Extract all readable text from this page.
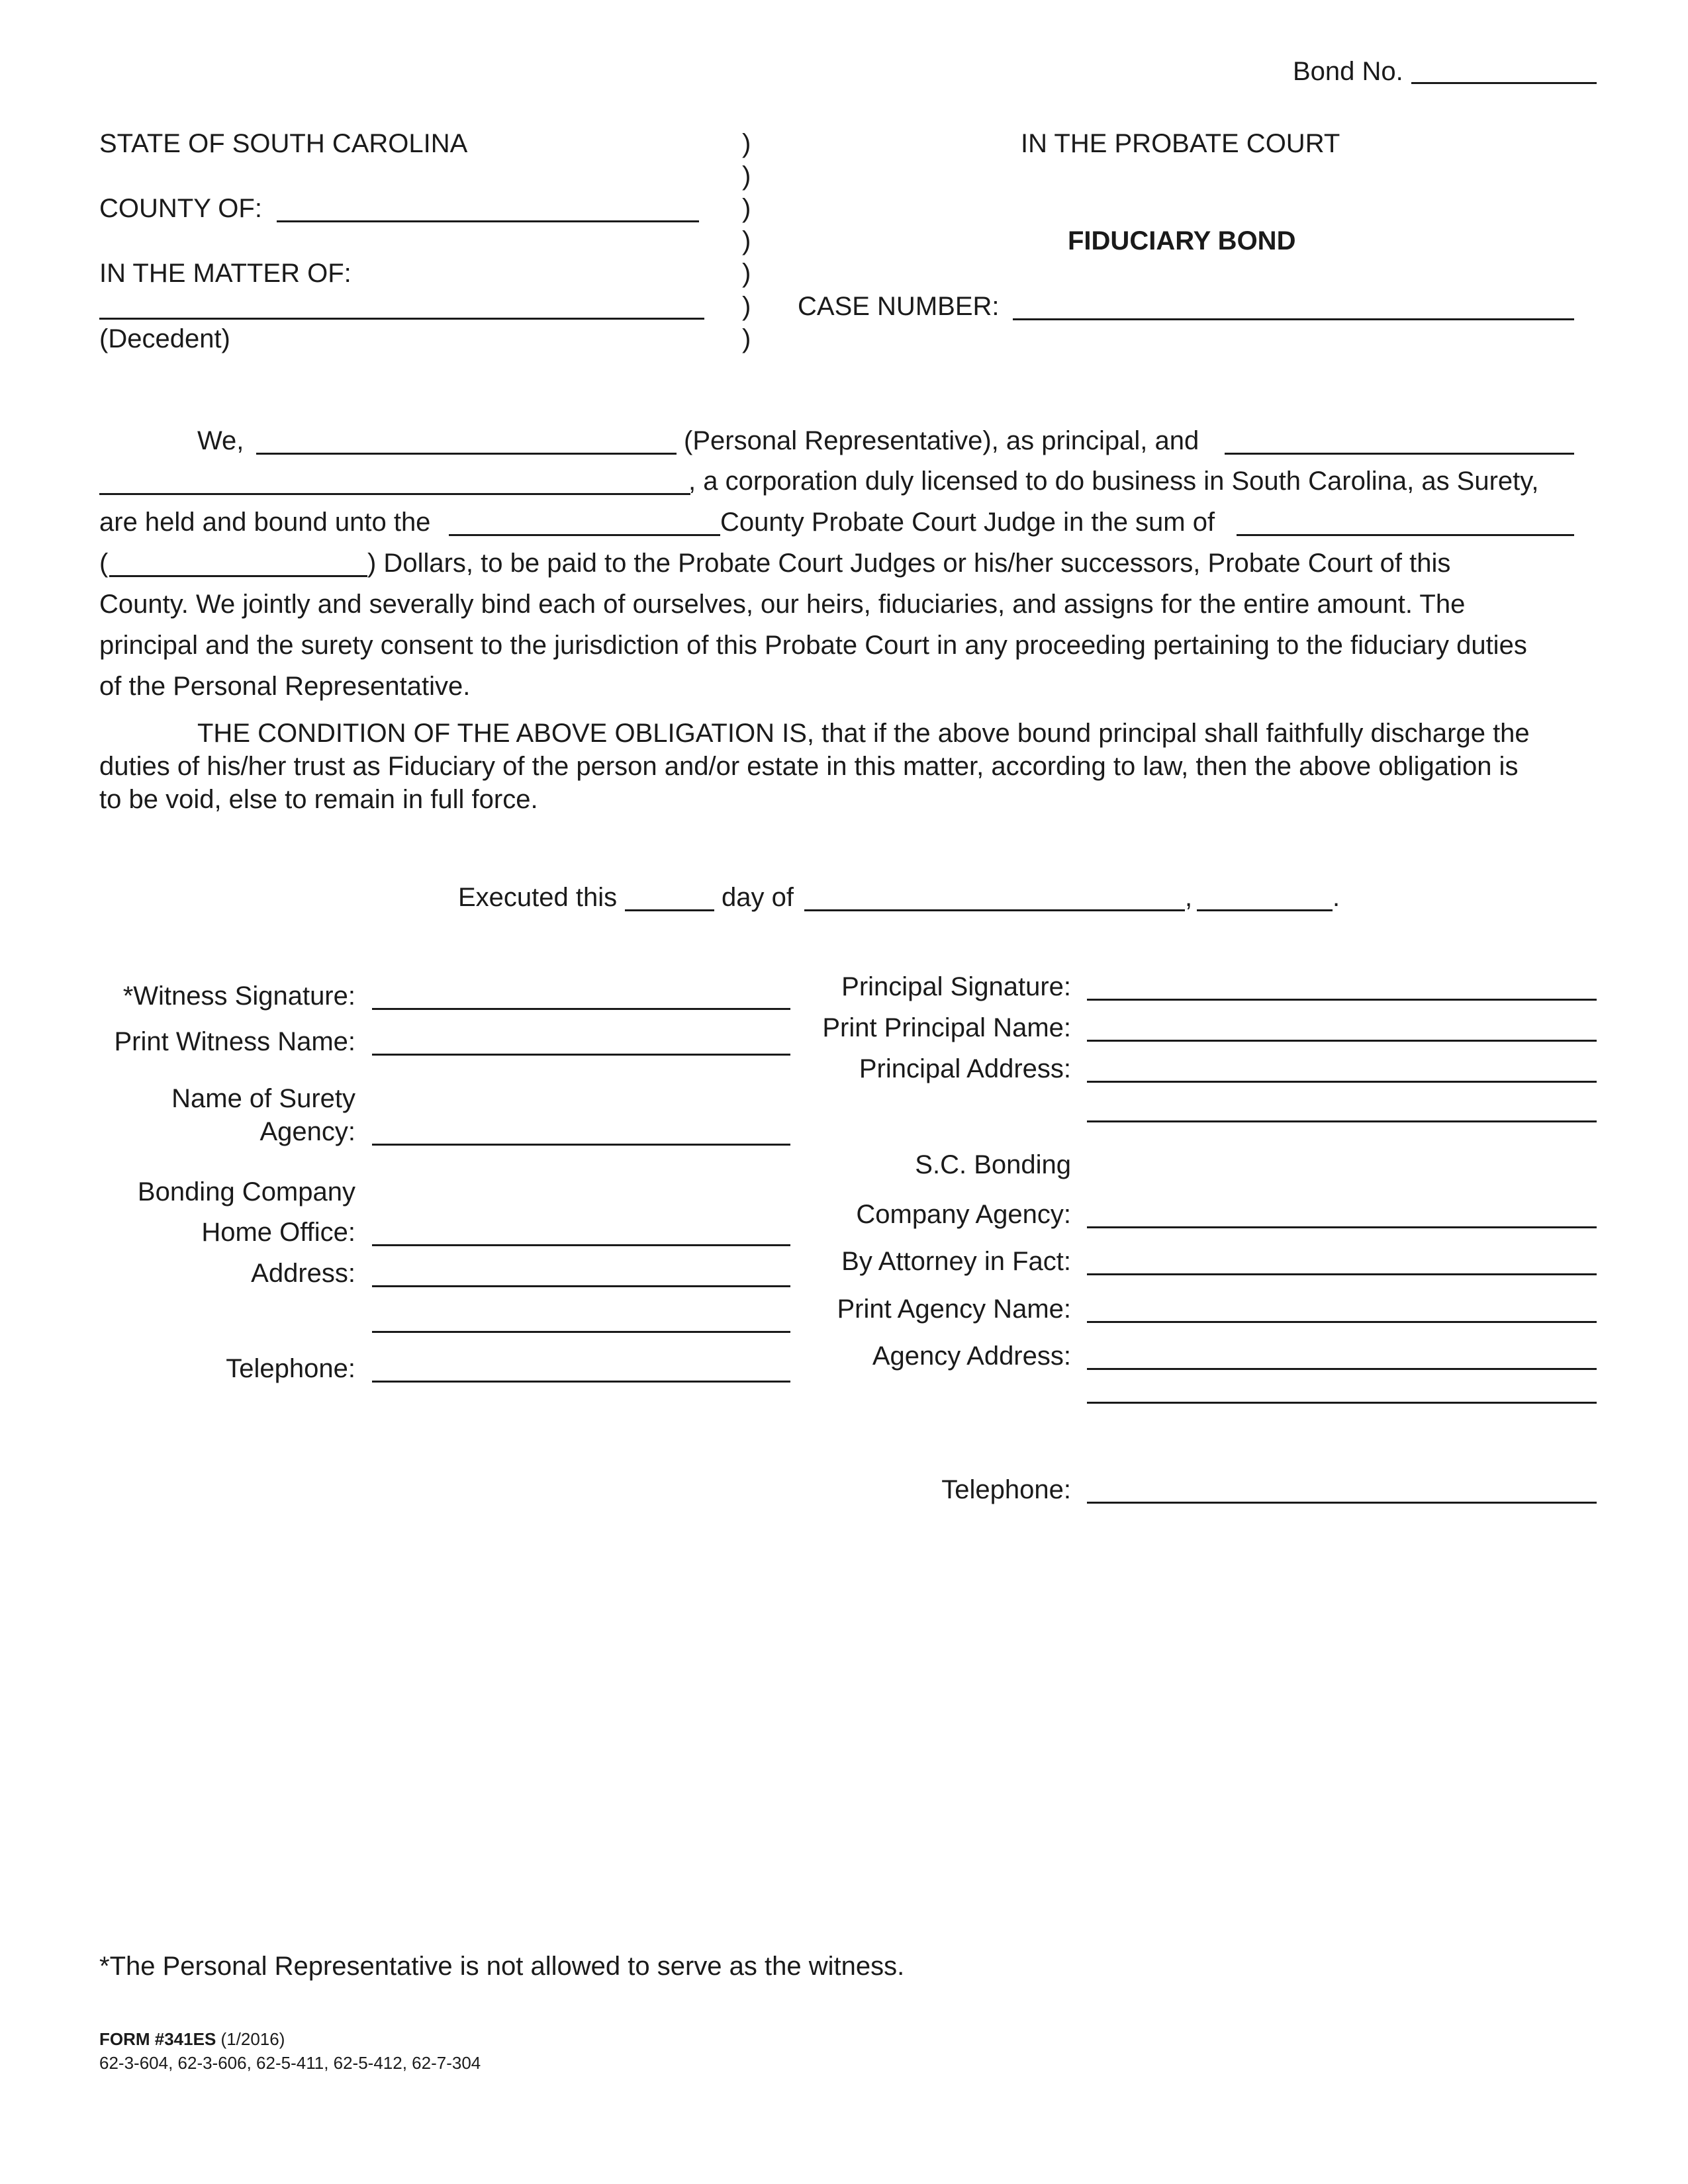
Bond No.
STATE OF SOUTH CAROLINA	IN THE PROBATE COURT
COUNTY OF:
FIDUCIARY BOND
IN THE MATTER OF:
CASE NUMBER:
(Decedent)
)
)
)
)
)
)
)
We,	(Personal Representative), as principal, and
, a corporation duly licensed to do business in South Carolina, as Surety,
are held and bound unto the	County Probate Court Judge in the sum of
(	) Dollars, to be paid to the Probate Court Judges or his/her successors, Probate Court of this
County. We jointly and severally bind each of ourselves, our heirs, fiduciaries, and assigns for the entire amount. The
principal and the surety consent to the jurisdiction of this Probate Court in any proceeding pertaining to the fiduciary duties
of the Personal Representative.
THE CONDITION OF THE ABOVE OBLIGATION IS, that if the above bound principal shall faithfully discharge the
duties of his/her trust as Fiduciary of the person and/or estate in this matter, according to law, then the above obligation is
to be void, else to remain in full force.
Executed this	day of	,	.
*Witness Signature:
Print Witness Name:
Name of Surety
Agency:
Bonding Company
Home Office:
Address:
Telephone:
Principal Signature:
Print Principal Name:
Principal Address:
S.C. Bonding
Company Agency:
By Attorney in Fact:
Print Agency Name:
Agency Address:
Telephone:
*The Personal Representative is not allowed to serve as the witness.
FORM #341ES (1/2016)
62-3-604, 62-3-606, 62-5-411, 62-5-412, 62-7-304
